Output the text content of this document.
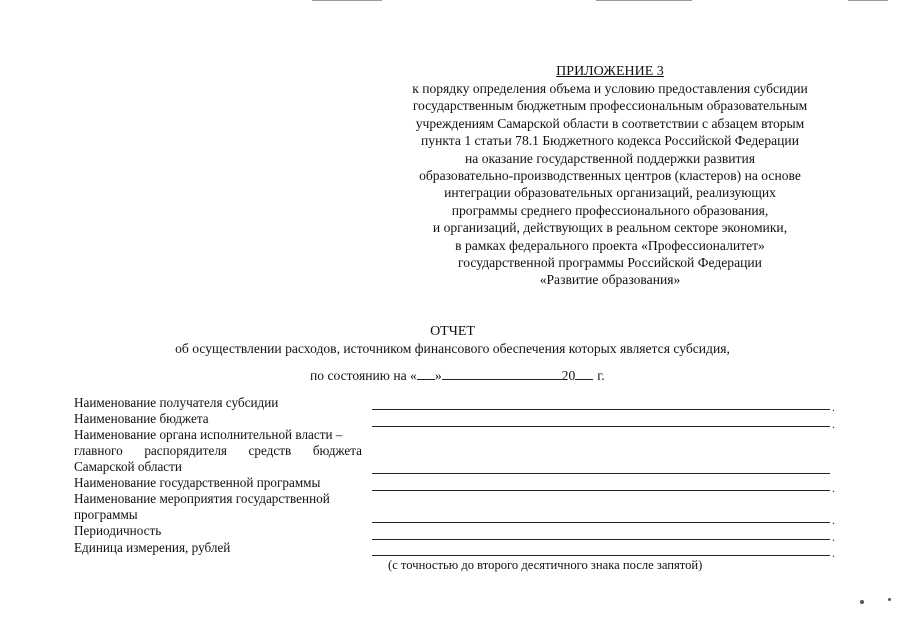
ПРИЛОЖЕНИЕ 3
к порядку определения объема и условию предоставления субсидии
государственным бюджетным профессиональным образовательным
учреждениям Самарской области в соответствии с абзацем вторым
пункта 1 статьи 78.1 Бюджетного кодекса Российской Федерации
на оказание государственной поддержки развития
образовательно-производственных центров (кластеров) на основе
интеграции образовательных организаций, реализующих
программы среднего профессионального образования,
и организаций, действующих в реальном секторе экономики,
в рамках федерального проекта «Профессионалитет»
государственной программы Российской Федерации
«Развитие образования»
ОТЧЕТ
об осуществлении расходов, источником финансового обеспечения которых является субсидия,
по состоянию на « »	20 г.
Наименование получателя субсидии
Наименование бюджета
Наименование органа исполнительной власти –
главного распорядителя средств бюджета
Самарской области
Наименование государственной программы
Наименование мероприятия государственной
программы
Периодичность
Единица измерения, рублей
.
.
.
.
.
.
(с точностью до второго десятичного знака после запятой)
